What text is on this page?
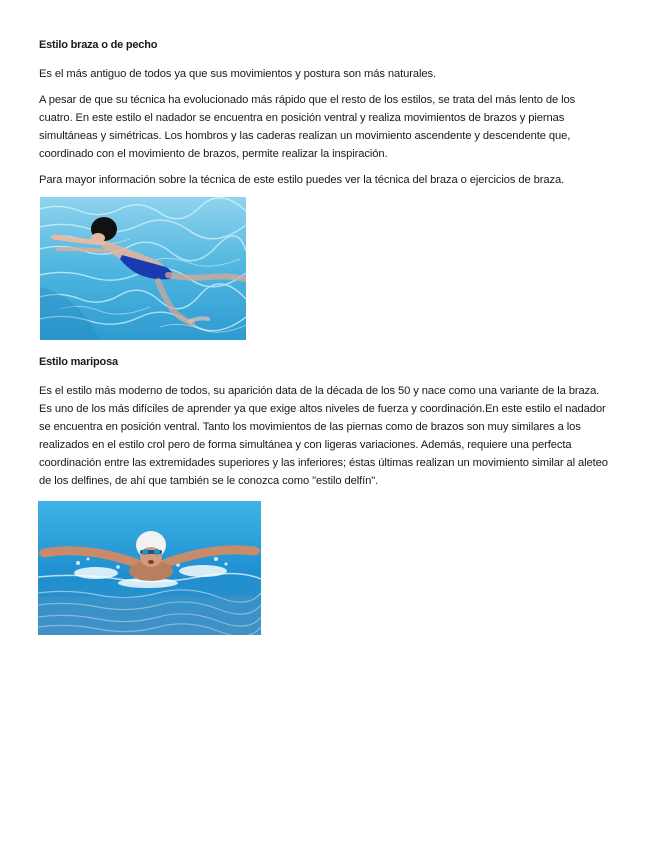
Estilo braza o de pecho

Es el más antiguo de todos ya que sus movimientos y postura son más naturales.

A pesar de que su técnica ha evolucionado más rápido que el resto de los estilos, se trata del más lento de los cuatro. En este estilo el nadador se encuentra en posición ventral y realiza movimientos de brazos y piernas simultáneas y simétricas. Los hombros y las caderas realizan un movimiento ascendente y descendente que, coordinado con el movimiento de brazos, permite realizar la inspiración.

Para mayor información sobre la técnica de este estilo puedes ver la técnica del braza o ejercicios de braza.

Estilo mariposa

Es el estilo más moderno de todos, su aparición data de la década de los 50 y nace como una variante de la braza. Es uno de los más difíciles de aprender ya que exige altos niveles de fuerza y coordinación.En este estilo el nadador se encuentra en posición ventral. Tanto los movimientos de las piernas como de brazos son muy similares a los realizados en el estilo crol pero de forma simultánea y con ligeras variaciones. Además, requiere una perfecta coordinación entre las extremidades superiores y las inferiores; éstas últimas realizan un movimiento similar al aleteo de los delfines, de ahí que también se le conozca como "estilo delfín".
